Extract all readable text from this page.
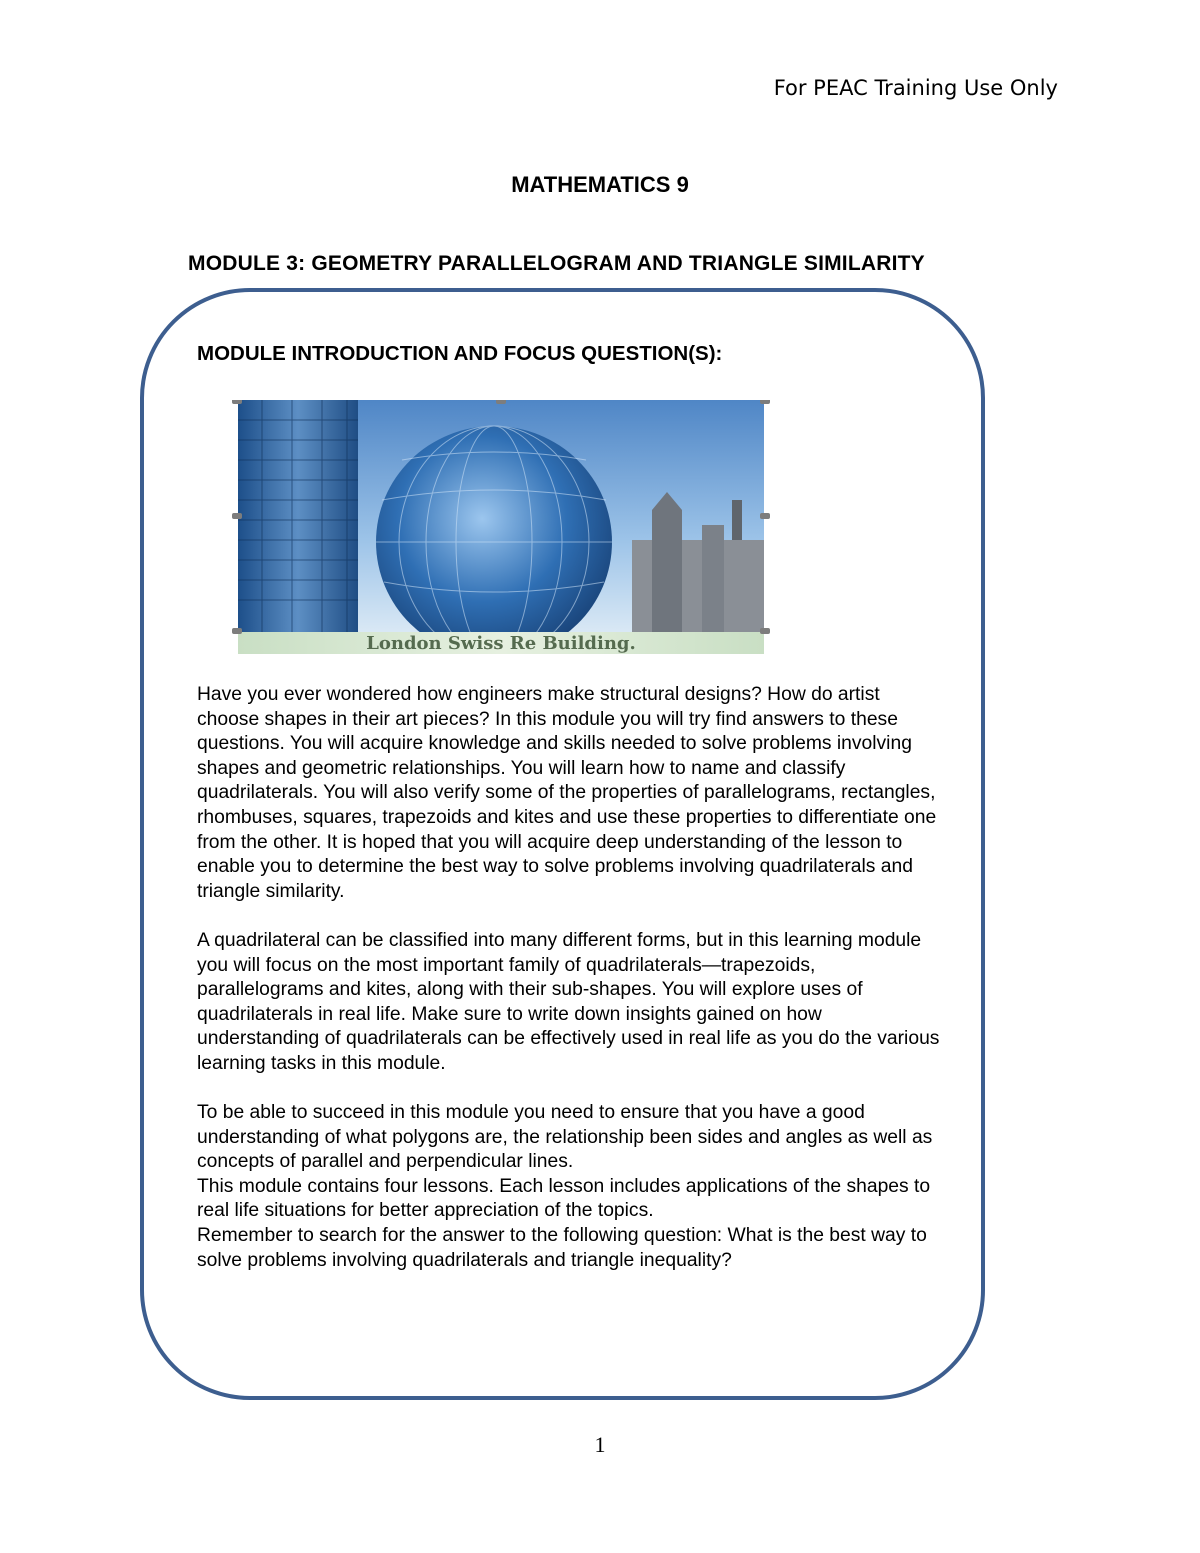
For PEAC Training Use Only
MATHEMATICS 9
MODULE 3: GEOMETRY PARALLELOGRAM AND TRIANGLE SIMILARITY
MODULE INTRODUCTION AND FOCUS QUESTION(S):
London Swiss Re Building.

Have you ever wondered how engineers make structural designs? How do artist choose shapes in their art pieces? In this module you will try find answers to these questions. You will acquire knowledge and skills needed to solve problems involving shapes and geometric relationships. You will learn how to name and classify quadrilaterals. You will also verify some of the properties of parallelograms, rectangles, rhombuses, squares, trapezoids and kites and use these properties to differentiate one from the other. It is hoped that you will acquire deep understanding of the lesson to enable you to determine the best way to solve problems involving quadrilaterals and triangle similarity.

A quadrilateral can be classified into many different forms, but in this learning module you will focus on the most important family of quadrilaterals—trapezoids, parallelograms and kites, along with their sub-shapes. You will explore uses of quadrilaterals in real life. Make sure to write down insights gained on how understanding of quadrilaterals can be effectively used in real life as you do the various learning tasks in this module.

To be able to succeed in this module you need to ensure that you have a good understanding of what polygons are, the relationship been sides and angles as well as concepts of parallel and perpendicular lines.

This module contains four lessons. Each lesson includes applications of the shapes to real life situations for better appreciation of the topics.

Remember to search for the answer to the following question: What is the best way to solve problems involving quadrilaterals and triangle inequality?

1
